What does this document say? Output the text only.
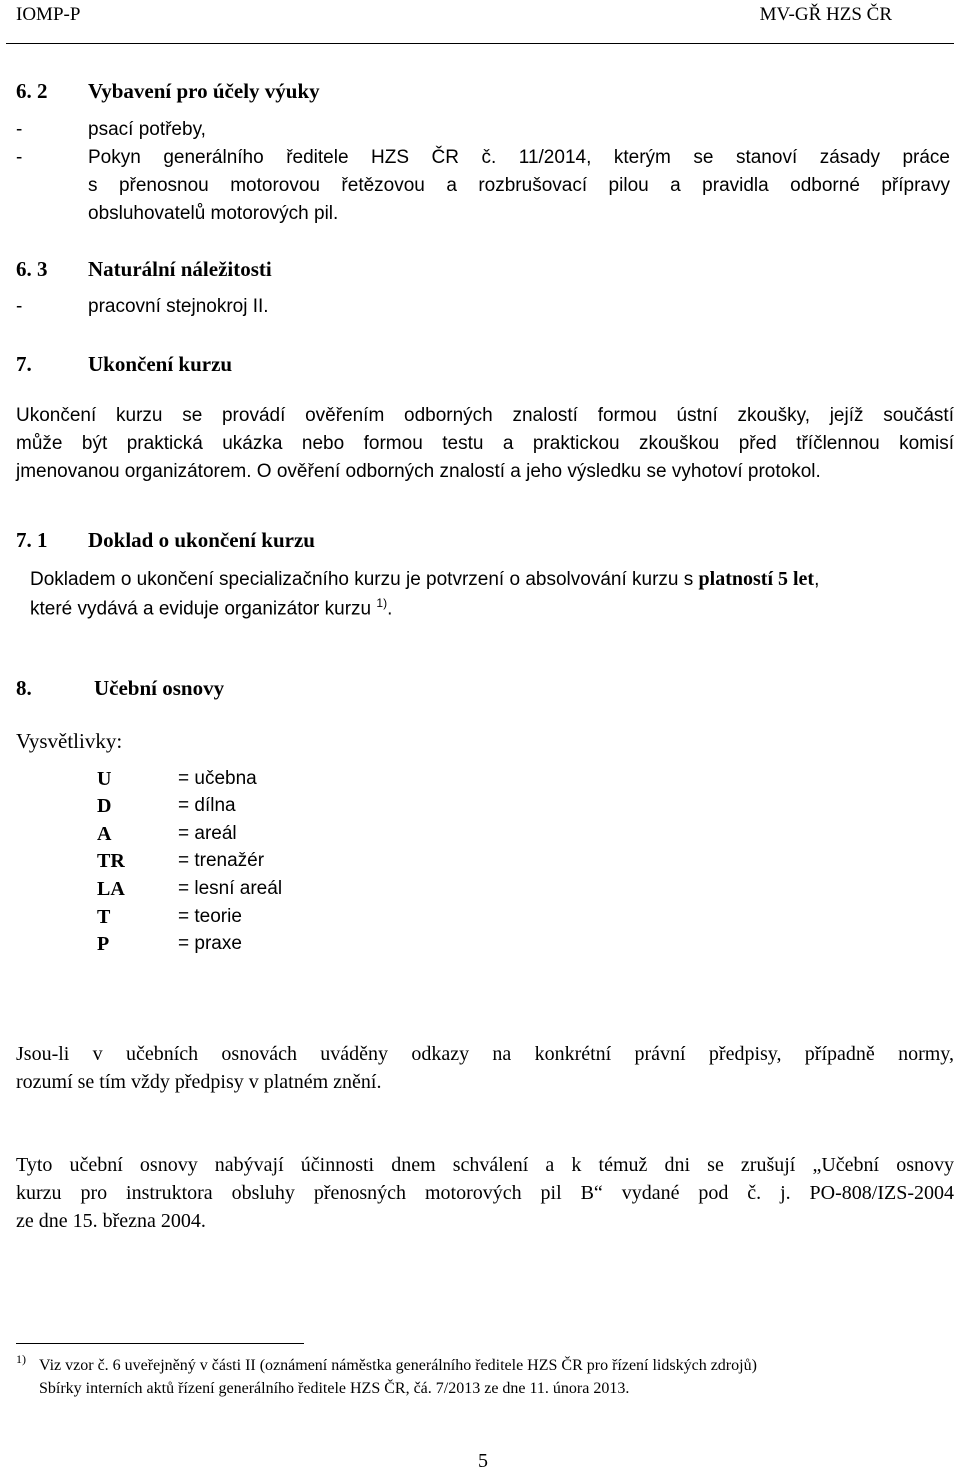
IOMP-P	MV-GŘ HZS ČR
6. 2 Vybavení pro účely výuky
-	psací potřeby,
-	Pokyn generálního ředitele HZS ČR č. 11/2014, kterým se stanoví zásady práce
s přenosnou motorovou řetězovou a rozbrušovací pilou a pravidla odborné přípravy
obsluhovatelů motorových pil.
6. 3 Naturální náležitosti
-	pracovní stejnokroj II.
7.	Ukončení kurzu
Ukončení kurzu se provádí ověřením odborných znalostí formou ústní zkoušky, jejíž součástí
může být praktická ukázka nebo formou testu a praktickou zkouškou před tříčlennou komisí
jmenovanou organizátorem. O ověření odborných znalostí a jeho výsledku se vyhotoví protokol.
7. 1 Doklad o ukončení kurzu
Dokladem o ukončení specializačního kurzu je potvrzení o absolvování kurzu s platností 5 let,
které vydává a eviduje organizátor kurzu $^{1)}$.
8.	Učební osnovy
Vysvětlivky:
U	= učebna
D	= dílna
A	= areál
TR	= trenažér
LA	= lesní areál
T	= teorie
P	= praxe
Jsou-li v učebních osnovách uváděny odkazy na konkrétní právní předpisy, případně normy,
rozumí se tím vždy předpisy v platném znění.
Tyto učební osnovy nabývají účinnosti dnem schválení a k témuž dni se zrušují „Učební osnovy
kurzu pro instruktora obsluhy přenosných motorových pil B“ vydané pod č. j. PO-808/IZS-2004
ze dne 15. března 2004.
1) Viz vzor č. 6 uveřejněný v části II (oznámení náměstka generálního ředitele HZS ČR pro řízení lidských zdrojů)
Sbírky interních aktů řízení generálního ředitele HZS ČR, čá. 7/2013 ze dne 11. února 2013.
5
